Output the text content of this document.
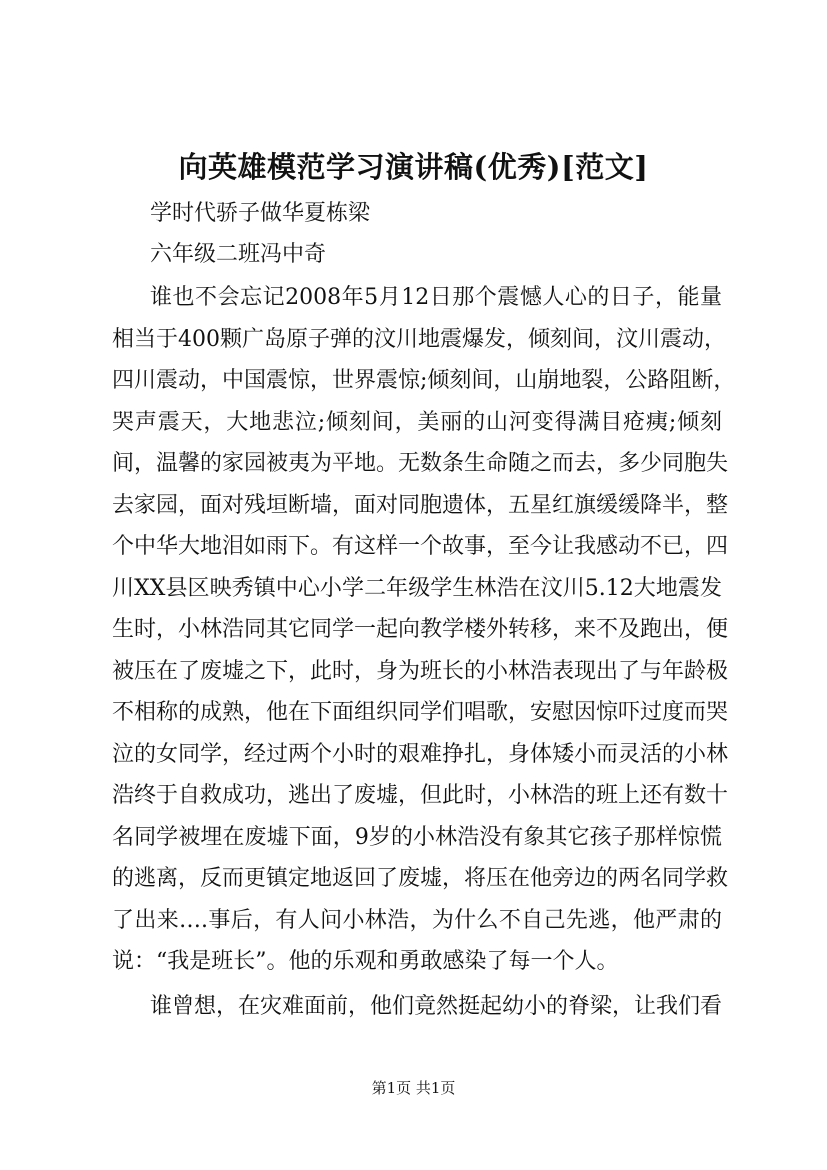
向英雄模范学习演讲稿(优秀)[范文]
学时代骄子做华夏栋梁
六年级二班冯中奇
谁也不会忘记2008年5月12日那个震憾人心的日子，能量
相当于400颗广岛原子弹的汶川地震爆发，倾刻间，汶川震动，
四川震动，中国震惊，世界震惊;倾刻间，山崩地裂，公路阻断，
哭声震天，大地悲泣;倾刻间，美丽的山河变得满目疮痍;倾刻
间，温馨的家园被夷为平地。无数条生命随之而去，多少同胞失
去家园，面对残垣断墙，面对同胞遗体，五星红旗缓缓降半，整
个中华大地泪如雨下。有这样一个故事，至今让我感动不已，四
川XX县区映秀镇中心小学二年级学生林浩在汶川5.12大地震发
生时，小林浩同其它同学一起向教学楼外转移，来不及跑出，便
被压在了废墟之下，此时，身为班长的小林浩表现出了与年龄极
不相称的成熟，他在下面组织同学们唱歌，安慰因惊吓过度而哭
泣的女同学，经过两个小时的艰难挣扎，身体矮小而灵活的小林
浩终于自救成功，逃出了废墟，但此时，小林浩的班上还有数十
名同学被埋在废墟下面，9岁的小林浩没有象其它孩子那样惊慌
的逃离，反而更镇定地返回了废墟，将压在他旁边的两名同学救
了出来….事后，有人问小林浩，为什么不自己先逃，他严肃的
说：“我是班长”。他的乐观和勇敢感染了每一个人。
谁曾想，在灾难面前，他们竟然挺起幼小的脊梁，让我们看
第1页 共1页
